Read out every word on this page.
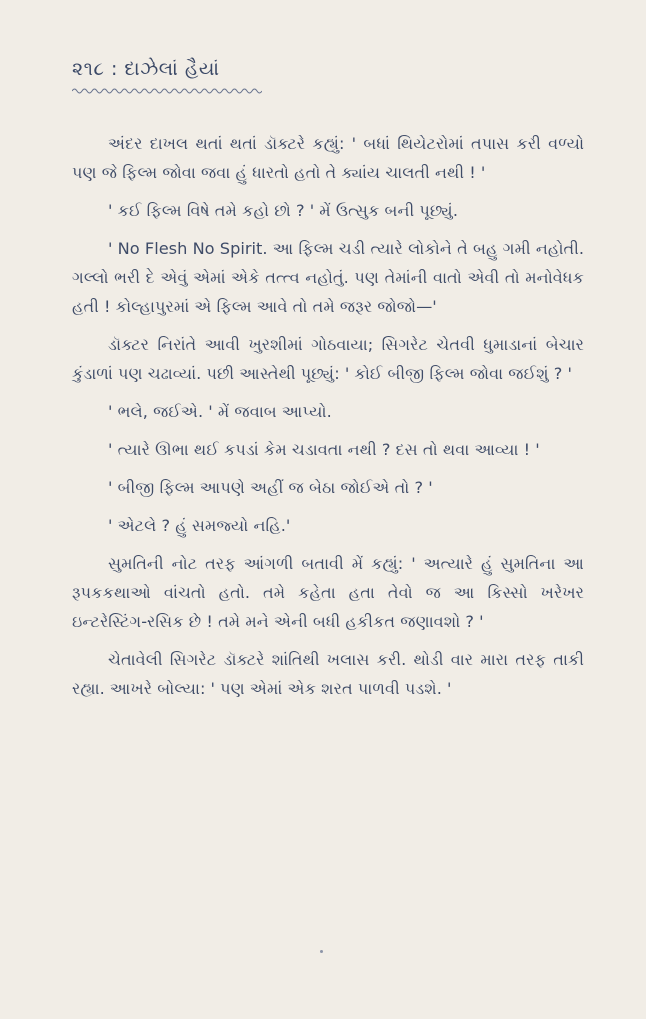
૨૧૮ : દાઝેલાં હૈયાં

અંદર દાખલ થતાં થતાં ડૉક્ટરે કહ્યું: ' બધાં થિયેટરોમાં તપાસ કરી વળ્યો પણ જે ફિલ્મ જોવા જવા હું ધારતો હતો તે ક્યાંય ચાલતી નથી ! '

' કઈ ફિલ્મ વિષે તમે કહો છો ? ' મેં ઉત્સુક બની પૂછ્યું.

' No Flesh No Spirit. આ ફિલ્મ ચડી ત્યારે લોકોને તે બહુ ગમી નહોતી. ગલ્લો ભરી દે એવું એમાં એકે તત્ત્વ નહોતું. પણ તેમાંની વાતો એવી તો મનોવેધક હતી ! કોલ્હાપુરમાં એ ફિલ્મ આવે તો તમે જરૂર જોજો—'

ડૉક્ટર નિરાંતે આવી ખુરશીમાં ગોઠવાયા; સિગરેટ ચેતવી ધુમાડાનાં બેચાર કુંડાળાં પણ ચઢાવ્યાં. પછી આસ્તેથી પૂછ્યું: ' કોઈ બીજી ફિલ્મ જોવા જઈશું ? '

' ભલે, જઈએ. ' મેં જવાબ આપ્યો.

' ત્યારે ઊભા થઈ કપડાં કેમ ચડાવતા નથી ? દસ તો થવા આવ્યા ! '

' બીજી ફિલ્મ આપણે અહીં જ બેઠા જોઈએ તો ? '

' એટલે ? હું સમજ્યો નહિ.'

સુમતિની નોટ તરફ આંગળી બતાવી મેં કહ્યું: ' અત્યારે હું સુમતિના આ રૂપકકથાઓ વાંચતો હતો. તમે કહેતા હતા તેવો જ આ કિસ્સો ખરેખર ઇન્ટરેસ્ટિંગ-રસિક છે ! તમે મને એની બધી હકીકત જણાવશો ? '

ચેતાવેલી સિગરેટ ડૉક્ટરે શાંતિથી ખલાસ કરી. થોડી વાર મારા તરફ તાકી રહ્યા. આખરે બોલ્યા: ' પણ એમાં એક શરત પાળવી પડશે. '
